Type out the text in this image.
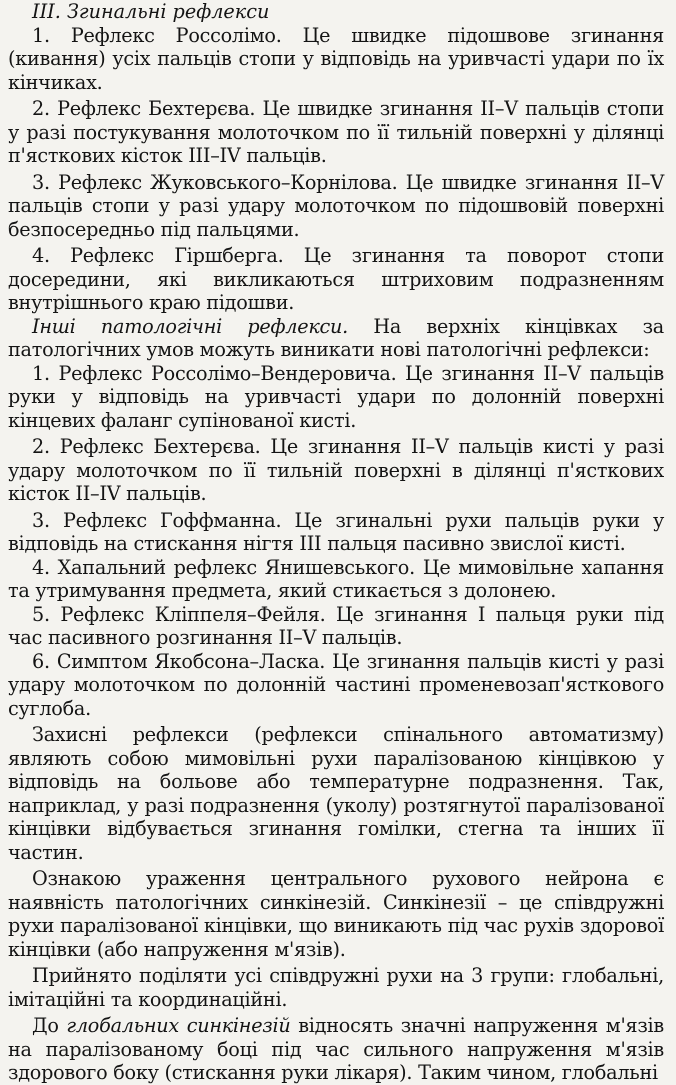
III. Згинальні рефлекси

1. Рефлекс Россолімо. Це швидке підошвове згинання (кивання) усіх пальців стопи у відповідь на уривчасті удари по їх кінчиках.

2. Рефлекс Бехтерєва. Це швидке згинання II–V пальців стопи у разі постукування молоточком по її тильній поверхні у ділянці п'ясткових кісток III–IV пальців.

3. Рефлекс Жуковського–Корнілова. Це швидке згинання II–V пальців стопи у разі удару молоточком по підошвовій поверхні безпосередньо під пальцями.

4. Рефлекс Гіршберга. Це згинання та поворот стопи досередини, які викликаються штриховим подразненням внутрішнього краю підошви.

Інші патологічні рефлекси. На верхніх кінцівках за патологічних умов можуть виникати нові патологічні рефлекси:

1. Рефлекс Россолімо–Вендеровича. Це згинання II–V пальців руки у відповідь на уривчасті удари по долонній поверхні кінцевих фаланг супінованої кисті.

2. Рефлекс Бехтерєва. Це згинання II–V пальців кисті у разі удару молоточком по її тильній поверхні в ділянці п'ясткових кісток II–IV пальців.

3. Рефлекс Гоффманна. Це згинальні рухи пальців руки у відповідь на стискання нігтя III пальця пасивно звислої кисті.

4. Хапальний рефлекс Янишевського. Це мимовільне хапання та утримування предмета, який стикається з долонею.

5. Рефлекс Кліппеля–Фейля. Це згинання I пальця руки під час пасивного розгинання II–V пальців.

6. Симптом Якобсона–Ласка. Це згинання пальців кисті у разі удару молоточком по долонній частині променевозап'ясткового суглоба.

Захисні рефлекси (рефлекси спінального автоматизму) являють собою мимовільні рухи паралізованою кінцівкою у відповідь на больове або температурне подразнення. Так, наприклад, у разі подразнення (уколу) розтягнутої паралізованої кінцівки відбувається згинання гомілки, стегна та інших її частин.

Ознакою ураження центрального рухового нейрона є наявність патологічних синкінезій. Синкінезії – це співдружні рухи паралізованої кінцівки, що виникають під час рухів здорової кінцівки (або напруження м'язів).

Прийнято поділяти усі співдружні рухи на 3 групи: глобальні, імітаційні та координаційні.

До глобальних синкінезій відносять значні напруження м'язів на паралізованому боці під час сильного напруження м'язів здорового боку (стискання руки лікаря). Таким чином, глобальні
